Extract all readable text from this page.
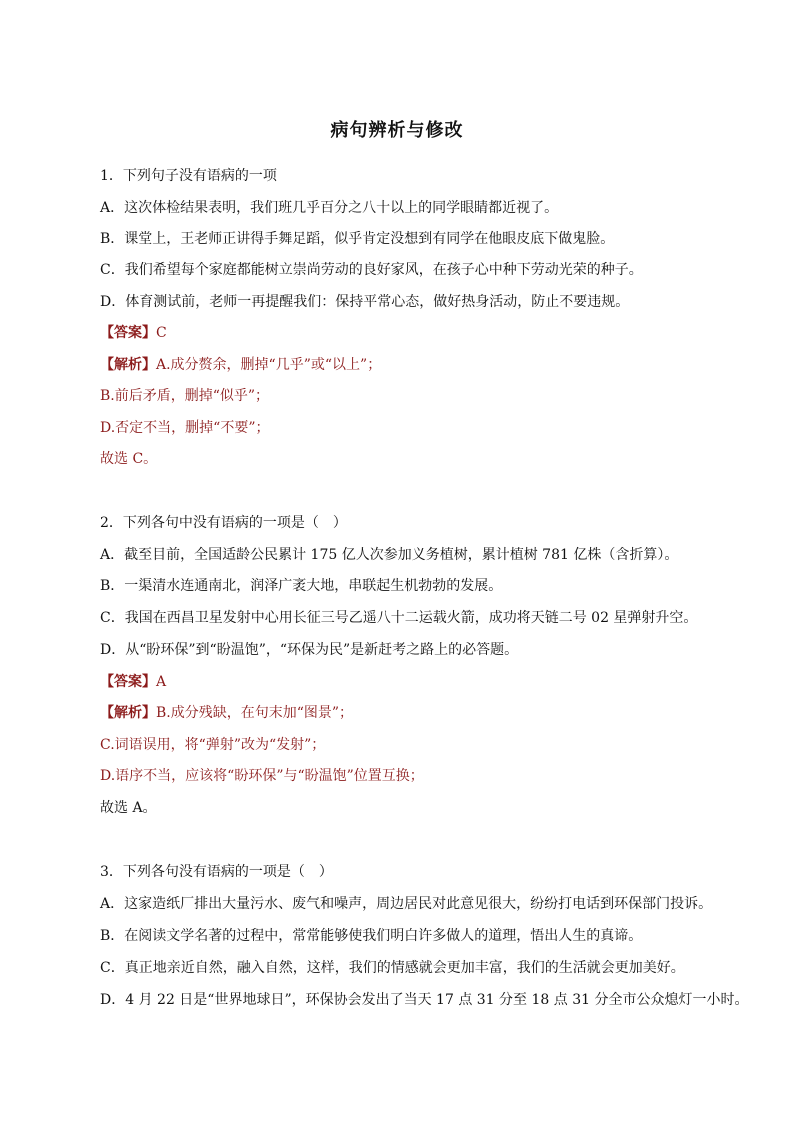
病句辨析与修改
1．下列句子没有语病的一项
A．这次体检结果表明，我们班几乎百分之八十以上的同学眼睛都近视了。
B．课堂上，王老师正讲得手舞足蹈，似乎肯定没想到有同学在他眼皮底下做鬼脸。
C．我们希望每个家庭都能树立崇尚劳动的良好家风，在孩子心中种下劳动光荣的种子。
D．体育测试前，老师一再提醒我们：保持平常心态，做好热身活动，防止不要违规。
【答案】C
【解析】A.成分赘余，删掉“几乎”或“以上”；
B.前后矛盾，删掉“似乎”；
D.否定不当，删掉“不要”；
故选 C。
2．下列各句中没有语病的一项是（　）
A．截至目前，全国适龄公民累计 175 亿人次参加义务植树，累计植树 781 亿株（含折算）。
B．一渠清水连通南北，润泽广袤大地，串联起生机勃勃的发展。
C．我国在西昌卫星发射中心用长征三号乙遥八十二运载火箭，成功将天链二号 02 星弹射升空。
D．从“盼环保”到“盼温饱”，“环保为民”是新赶考之路上的必答题。
【答案】A
【解析】B.成分残缺，在句末加“图景”；
C.词语误用，将“弹射”改为“发射”；
D.语序不当，应该将“盼环保”与“盼温饱”位置互换；
故选 A。
3．下列各句没有语病的一项是（　）
A．这家造纸厂排出大量污水、废气和噪声，周边居民对此意见很大，纷纷打电话到环保部门投诉。
B．在阅读文学名著的过程中，常常能够使我们明白许多做人的道理，悟出人生的真谛。
C．真正地亲近自然，融入自然，这样，我们的情感就会更加丰富，我们的生活就会更加美好。
D．4 月 22 日是“世界地球日”，环保协会发出了当天 17 点 31 分至 18 点 31 分全市公众熄灯一小时。
